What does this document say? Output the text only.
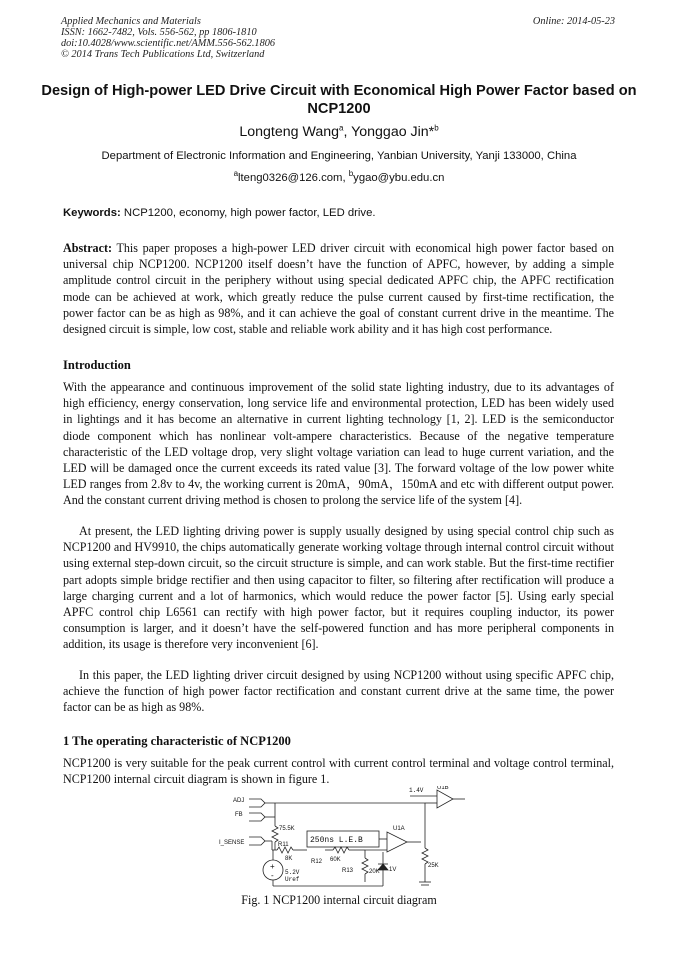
Applied Mechanics and Materials
ISSN: 1662-7482, Vols. 556-562, pp 1806-1810
doi:10.4028/www.scientific.net/AMM.556-562.1806
© 2014 Trans Tech Publications Ltd, Switzerland
Online: 2014-05-23
Design of High-power LED Drive Circuit with Economical High Power Factor based on NCP1200
Longteng Wang$^a$, Yonggao Jin*$^b$
Department of Electronic Information and Engineering, Yanbian University, Yanji 133000, China
$^a$lteng0326@126.com, $^b$ygao@ybu.edu.cn
Keywords: NCP1200, economy, high power factor, LED drive.
Abstract: This paper proposes a high-power LED driver circuit with economical high power factor based on universal chip NCP1200. NCP1200 itself doesn’t have the function of APFC, however, by adding a simple amplitude control circuit in the periphery without using special dedicated APFC chip, the APFC rectification mode can be achieved at work, which greatly reduce the pulse current caused by first-time rectification, the power factor can be as high as 98%, and it can achieve the goal of constant current drive in the meantime. The designed circuit is simple, low cost, stable and reliable work ability and it has high cost performance.
Introduction
With the appearance and continuous improvement of the solid state lighting industry, due to its advantages of high efficiency, energy conservation, long service life and environmental protection, LED has been widely used in lightings and it has become an alternative in current lighting technology [1, 2]. LED is the semiconductor diode component which has nonlinear volt-ampere characteristics. Because of the negative temperature characteristic of the LED voltage drop, very slight voltage variation can lead to huge current variation, and the LED will be damaged once the current exceeds its rated value [3]. The forward voltage of the low power white LED ranges from 2.8v to 4v, the working current is 20mA，90mA，150mA and etc with different output power. And the constant current driving method is chosen to prolong the service life of the system [4].
At present, the LED lighting driving power is supply usually designed by using special control chip such as NCP1200 and HV9910, the chips automatically generate working voltage through internal control circuit without using external step-down circuit, so the circuit structure is simple, and can work stable. But the first-time rectifier part adopts simple bridge rectifier and then using capacitor to filter, so filtering after rectification will produce a large charging current and a lot of harmonics, which would reduce the power factor [5]. Using early special APFC control chip L6561 can rectify with high power factor, but it requires coupling inductor, its power consumption is larger, and it doesn’t have the self-powered function and has more peripheral components in addition, its usage is therefore very inconvenient [6].
In this paper, the LED lighting driver circuit designed by using NCP1200 without using specific APFC chip, achieve the function of high power factor rectification and constant current drive at the same time, the power factor can be as high as 98%.
1 The operating characteristic of NCP1200
NCP1200 is very suitable for the peak current control with current control terminal and voltage control terminal, NCP1200 internal circuit diagram is shown in figure 1.
ADJ
FB
I_SENSE
75.5K
R11
8K
250ns L.E.B
R12 60K
R13	20K
U1A
U1B
1.4V
1V
25K
5.2V
Uref
+
-
Fig. 1 NCP1200 internal circuit diagram
